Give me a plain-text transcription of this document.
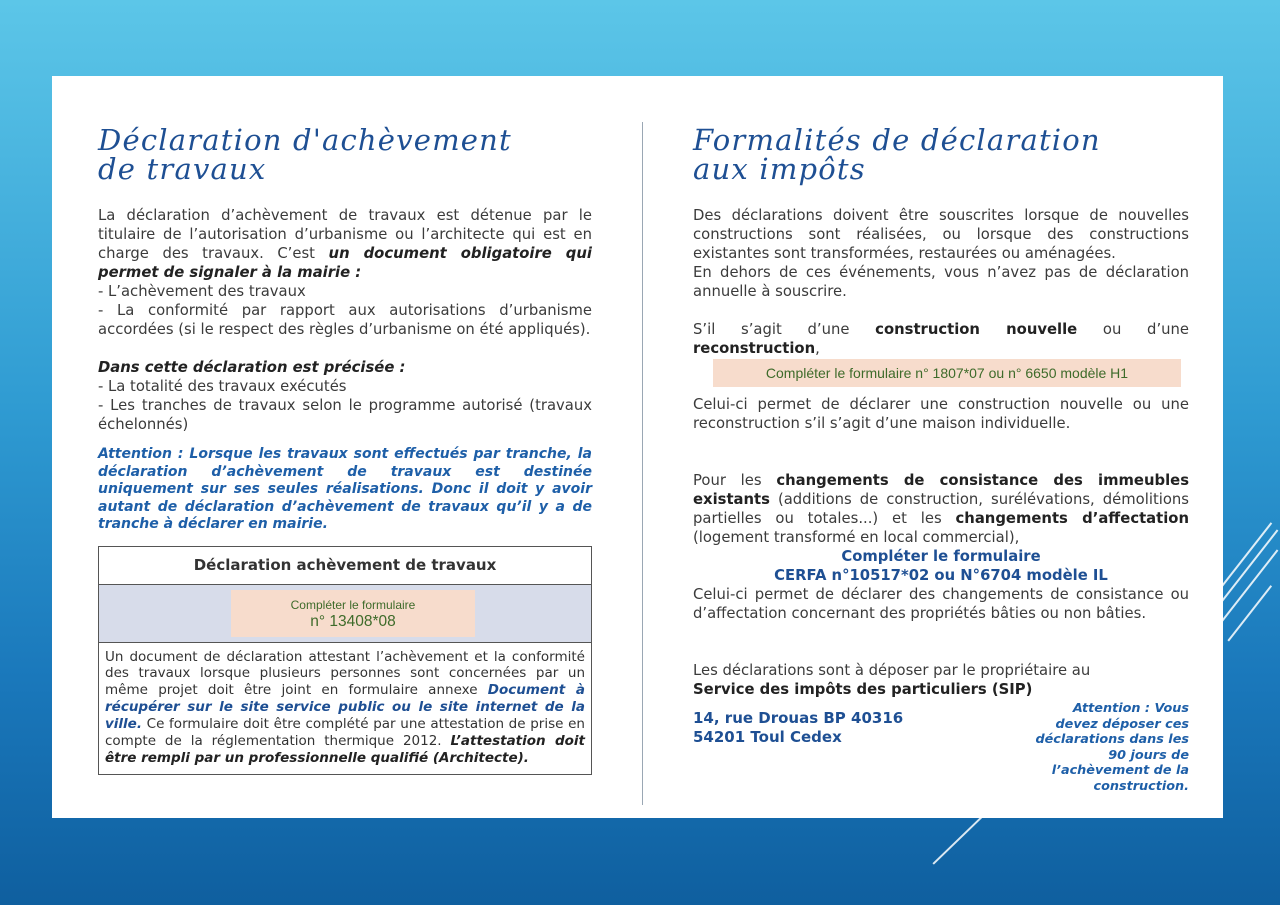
Déclaration d'achèvement
de travaux

La déclaration d’achèvement de travaux est détenue par le titulaire de l’autorisation d’urbanisme ou l’architecte qui est en charge des travaux. C’est un document obligatoire qui permet de signaler à la mairie :

- L’achèvement des travaux

- La conformité par rapport aux autorisations d’urbanisme accordées (si le respect des règles d’urbanisme on été appliqués).

Dans cette déclaration est précisée :

- La totalité des travaux exécutés

- Les tranches de travaux selon le programme autorisé (travaux échelonnés)

Attention : Lorsque les travaux sont effectués par tranche, la déclaration d’achèvement de travaux est destinée uniquement sur ses seules réalisations. Donc il doit y avoir autant de déclaration d’achèvement de travaux qu’il y a de tranche à déclarer en mairie.
Déclaration achèvement de travaux
Compléter le formulaire
n° 13408*08
Un document de déclaration attestant l’achèvement et la conformité des travaux lorsque plusieurs personnes sont concernées par un même projet doit être joint en formulaire annexe Document à récupérer sur le site service public ou le site internet de la ville. Ce formulaire doit être complété par une attestation de prise en compte de la réglementation thermique 2012. L’attestation doit être rempli par un professionnelle qualifié (Architecte).
Formalités de déclaration
aux impôts

Des déclarations doivent être souscrites lorsque de nouvelles constructions sont réalisées, ou lorsque des constructions existantes sont transformées, restaurées ou aménagées.

En dehors de ces événements, vous n’avez pas de déclaration annuelle à souscrire.

S’il s’agit d’une construction nouvelle ou d’une reconstruction,

Compléter le formulaire n° 1807*07 ou n° 6650 modèle H1

Celui-ci permet de déclarer une construction nouvelle ou une reconstruction s’il s’agit d’une maison individuelle.

Pour les changements de consistance des immeubles existants (additions de construction, surélévations, démolitions partielles ou totales...) et les changements d’affectation (logement transformé en local commercial),

Compléter le formulaire
CERFA n°10517*02 ou N°6704 modèle IL

Celui-ci permet de déclarer des changements de consistance ou d’affectation concernant des propriétés bâties ou non bâties.

Les déclarations sont à déposer par le propriétaire au

Service des impôts des particuliers (SIP)

14, rue Drouas BP 40316
54201 Toul Cedex
Attention : Vous devez déposer ces déclarations dans les 90 jours de l’achèvement de la construction.
